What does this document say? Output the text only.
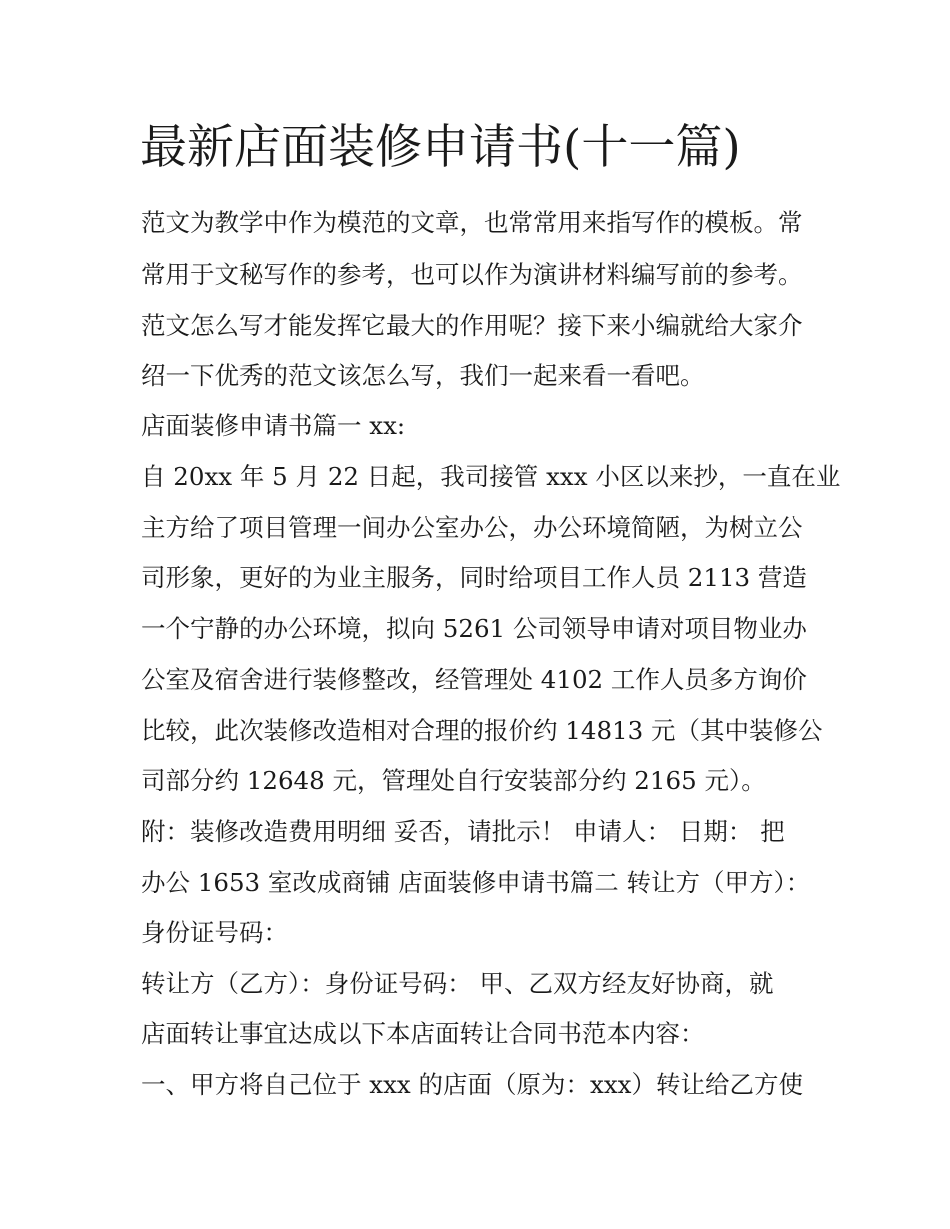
最新店面装修申请书(十一篇)

范文为教学中作为模范的文章，也常常用来指写作的模板。常

常用于文秘写作的参考，也可以作为演讲材料编写前的参考。

范文怎么写才能发挥它最大的作用呢？接下来小编就给大家介

绍一下优秀的范文该怎么写，我们一起来看一看吧。

店面装修申请书篇一 xx:

自 20xx 年 5 月 22 日起，我司接管 xxx 小区以来抄，一直在业

主方给了项目管理一间办公室办公，办公环境简陋，为树立公

司形象，更好的为业主服务，同时给项目工作人员 2113 营造

一个宁静的办公环境，拟向 5261 公司领导申请对项目物业办

公室及宿舍进行装修整改，经管理处 4102 工作人员多方询价

比较，此次装修改造相对合理的报价约 14813 元（其中装修公

司部分约 12648 元，管理处自行安装部分约 2165 元）。

附：装修改造费用明细 妥否，请批示！ 申请人： 日期： 把

办公 1653 室改成商铺 店面装修申请书篇二 转让方（甲方）：

身份证号码：

转让方（乙方）：身份证号码： 甲、乙双方经友好协商，就

店面转让事宜达成以下本店面转让合同书范本内容：

一、甲方将自己位于 xxx 的店面（原为：xxx）转让给乙方使
